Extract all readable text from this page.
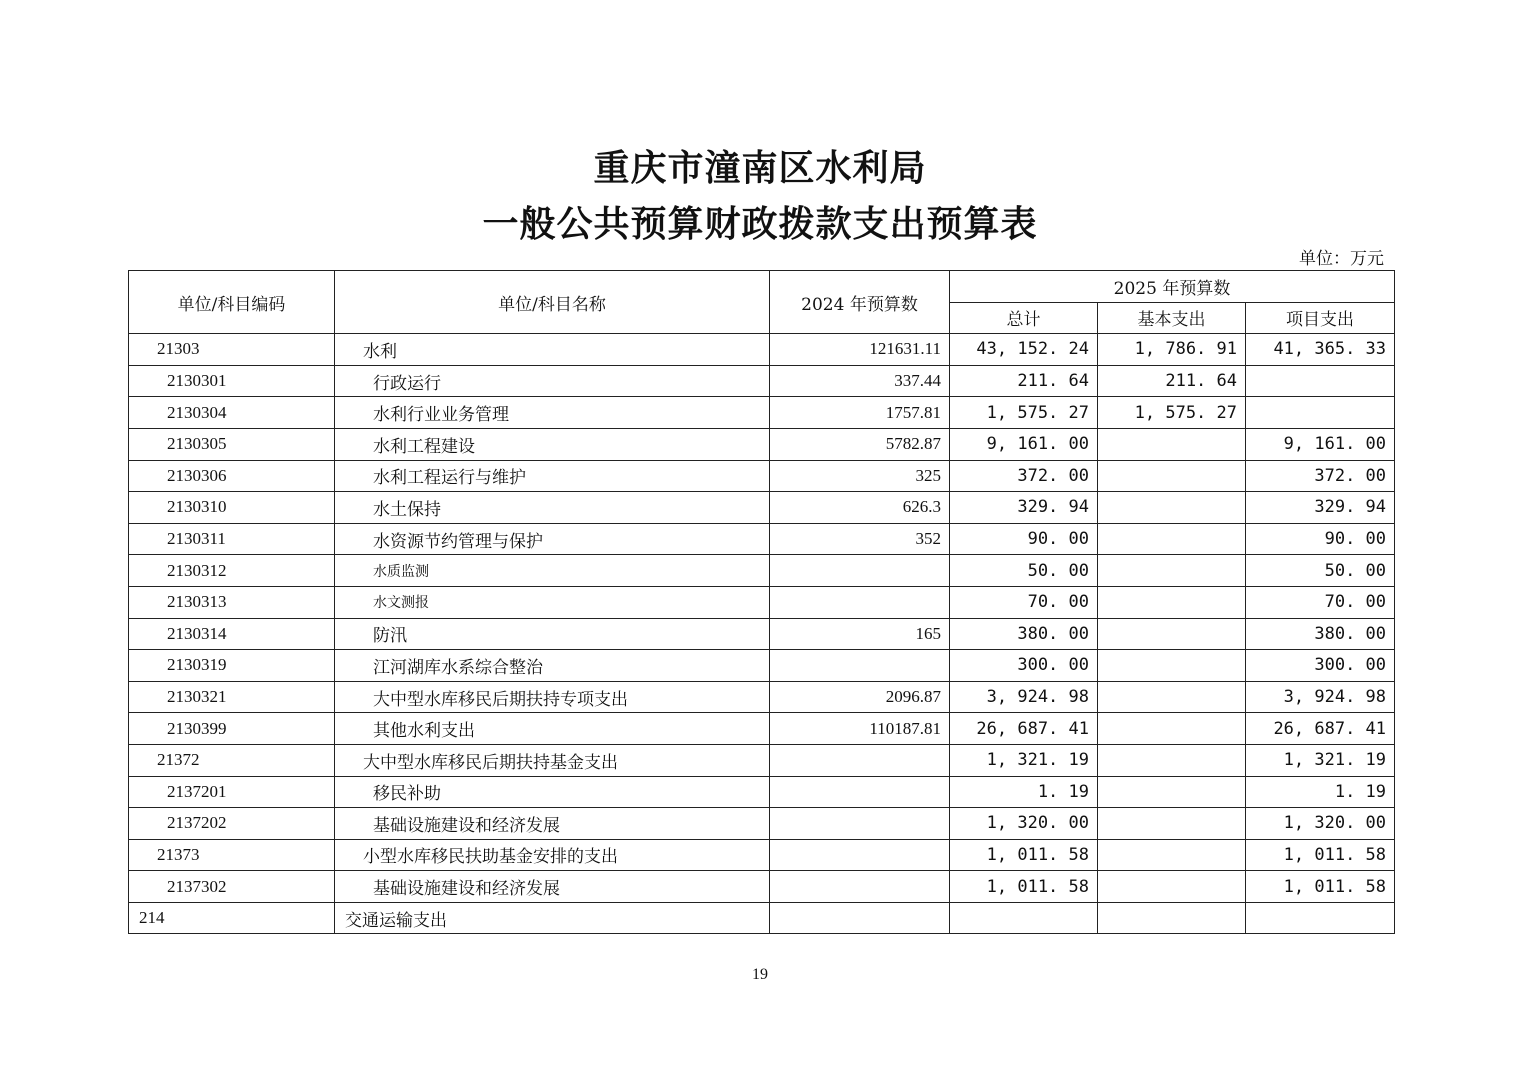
重庆市潼南区水利局
一般公共预算财政拨款支出预算表
单位：万元
单位/科目编码	单位/科目名称	2024 年预算数	2025 年预算数		
			总计	基本支出	项目支出
21303	水利	121631.11	43, 152. 24	1, 786. 91	41, 365. 33
2130301	行政运行	337.44	211. 64	211. 64	
2130304	水利行业业务管理	1757.81	1, 575. 27	1, 575. 27	
2130305	水利工程建设	5782.87	9, 161. 00		9, 161. 00
2130306	水利工程运行与维护	325	372. 00		372. 00
2130310	水土保持	626.3	329. 94		329. 94
2130311	水资源节约管理与保护	352	90. 00		90. 00
2130312	水质监测		50. 00		50. 00
2130313	水文测报		70. 00		70. 00
2130314	防汛	165	380. 00		380. 00
2130319	江河湖库水系综合整治		300. 00		300. 00
2130321	大中型水库移民后期扶持专项支出	2096.87	3, 924. 98		3, 924. 98
2130399	其他水利支出	110187.81	26, 687. 41		26, 687. 41
21372	大中型水库移民后期扶持基金支出		1, 321. 19		1, 321. 19
2137201	移民补助		1. 19		1. 19
2137202	基础设施建设和经济发展		1, 320. 00		1, 320. 00
21373	小型水库移民扶助基金安排的支出		1, 011. 58		1, 011. 58
2137302	基础设施建设和经济发展		1, 011. 58		1, 011. 58
214	交通运输支出				
19
